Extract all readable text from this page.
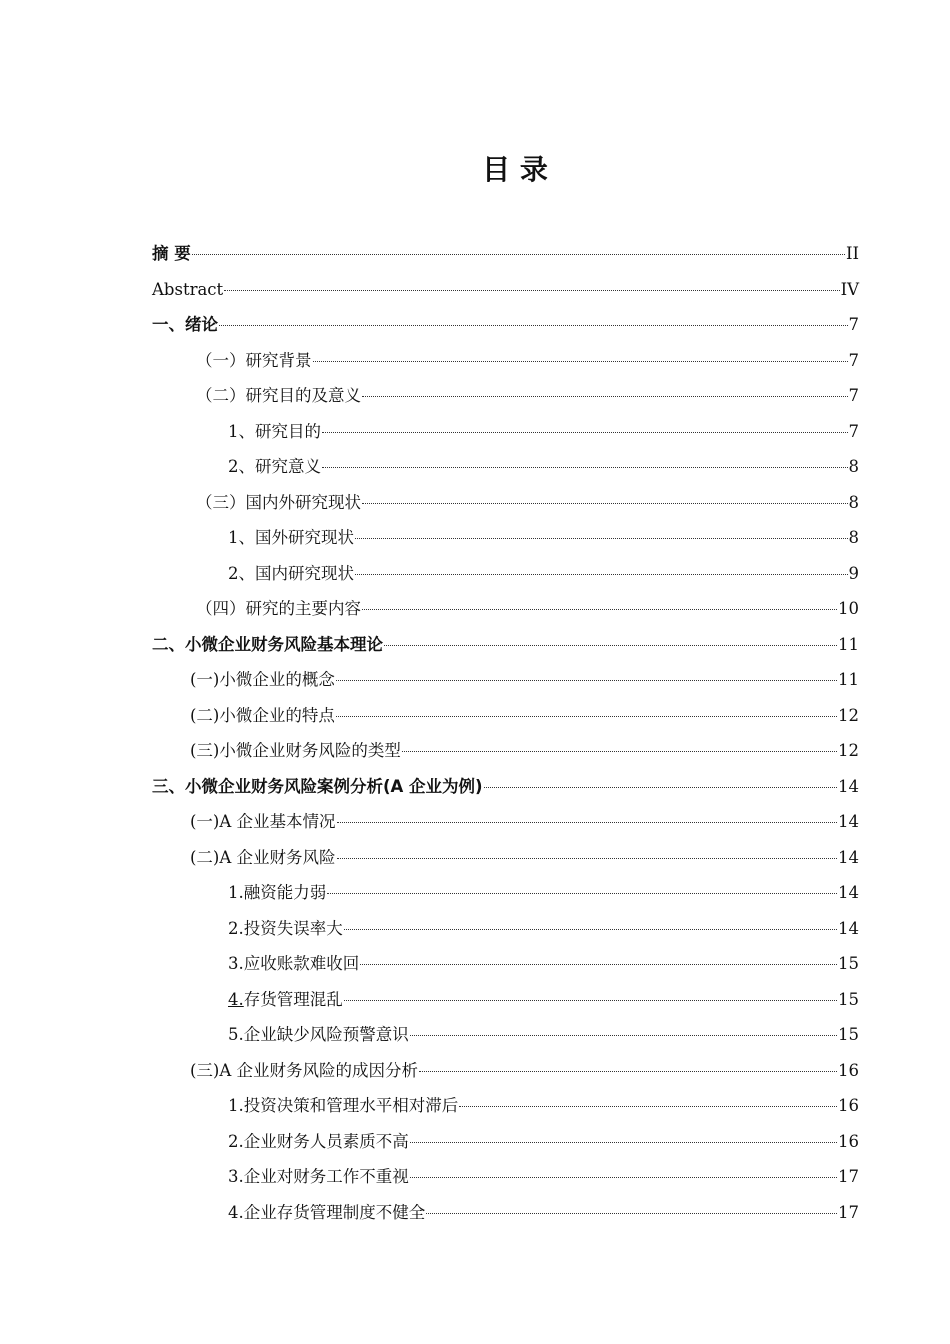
目 录
摘 要	II
Abstract	IV
一、绪论	7
（一）研究背景	7
（二）研究目的及意义	7
1、研究目的	7
2、研究意义	8
（三）国内外研究现状	8
1、国外研究现状	8
2、国内研究现状	9
（四）研究的主要内容	10
二、小微企业财务风险基本理论	11
(一)小微企业的概念	11
(二)小微企业的特点	12
(三)小微企业财务风险的类型	12
三、小微企业财务风险案例分析(A 企业为例)	14
(一)A 企业基本情况	14
(二)A 企业财务风险	14
1.融资能力弱	14
2.投资失误率大	14
3.应收账款难收回	15
4.存货管理混乱	15
5.企业缺少风险预警意识	15
(三)A 企业财务风险的成因分析	16
1.投资决策和管理水平相对滞后	16
2.企业财务人员素质不高	16
3.企业对财务工作不重视	17
4.企业存货管理制度不健全	17
